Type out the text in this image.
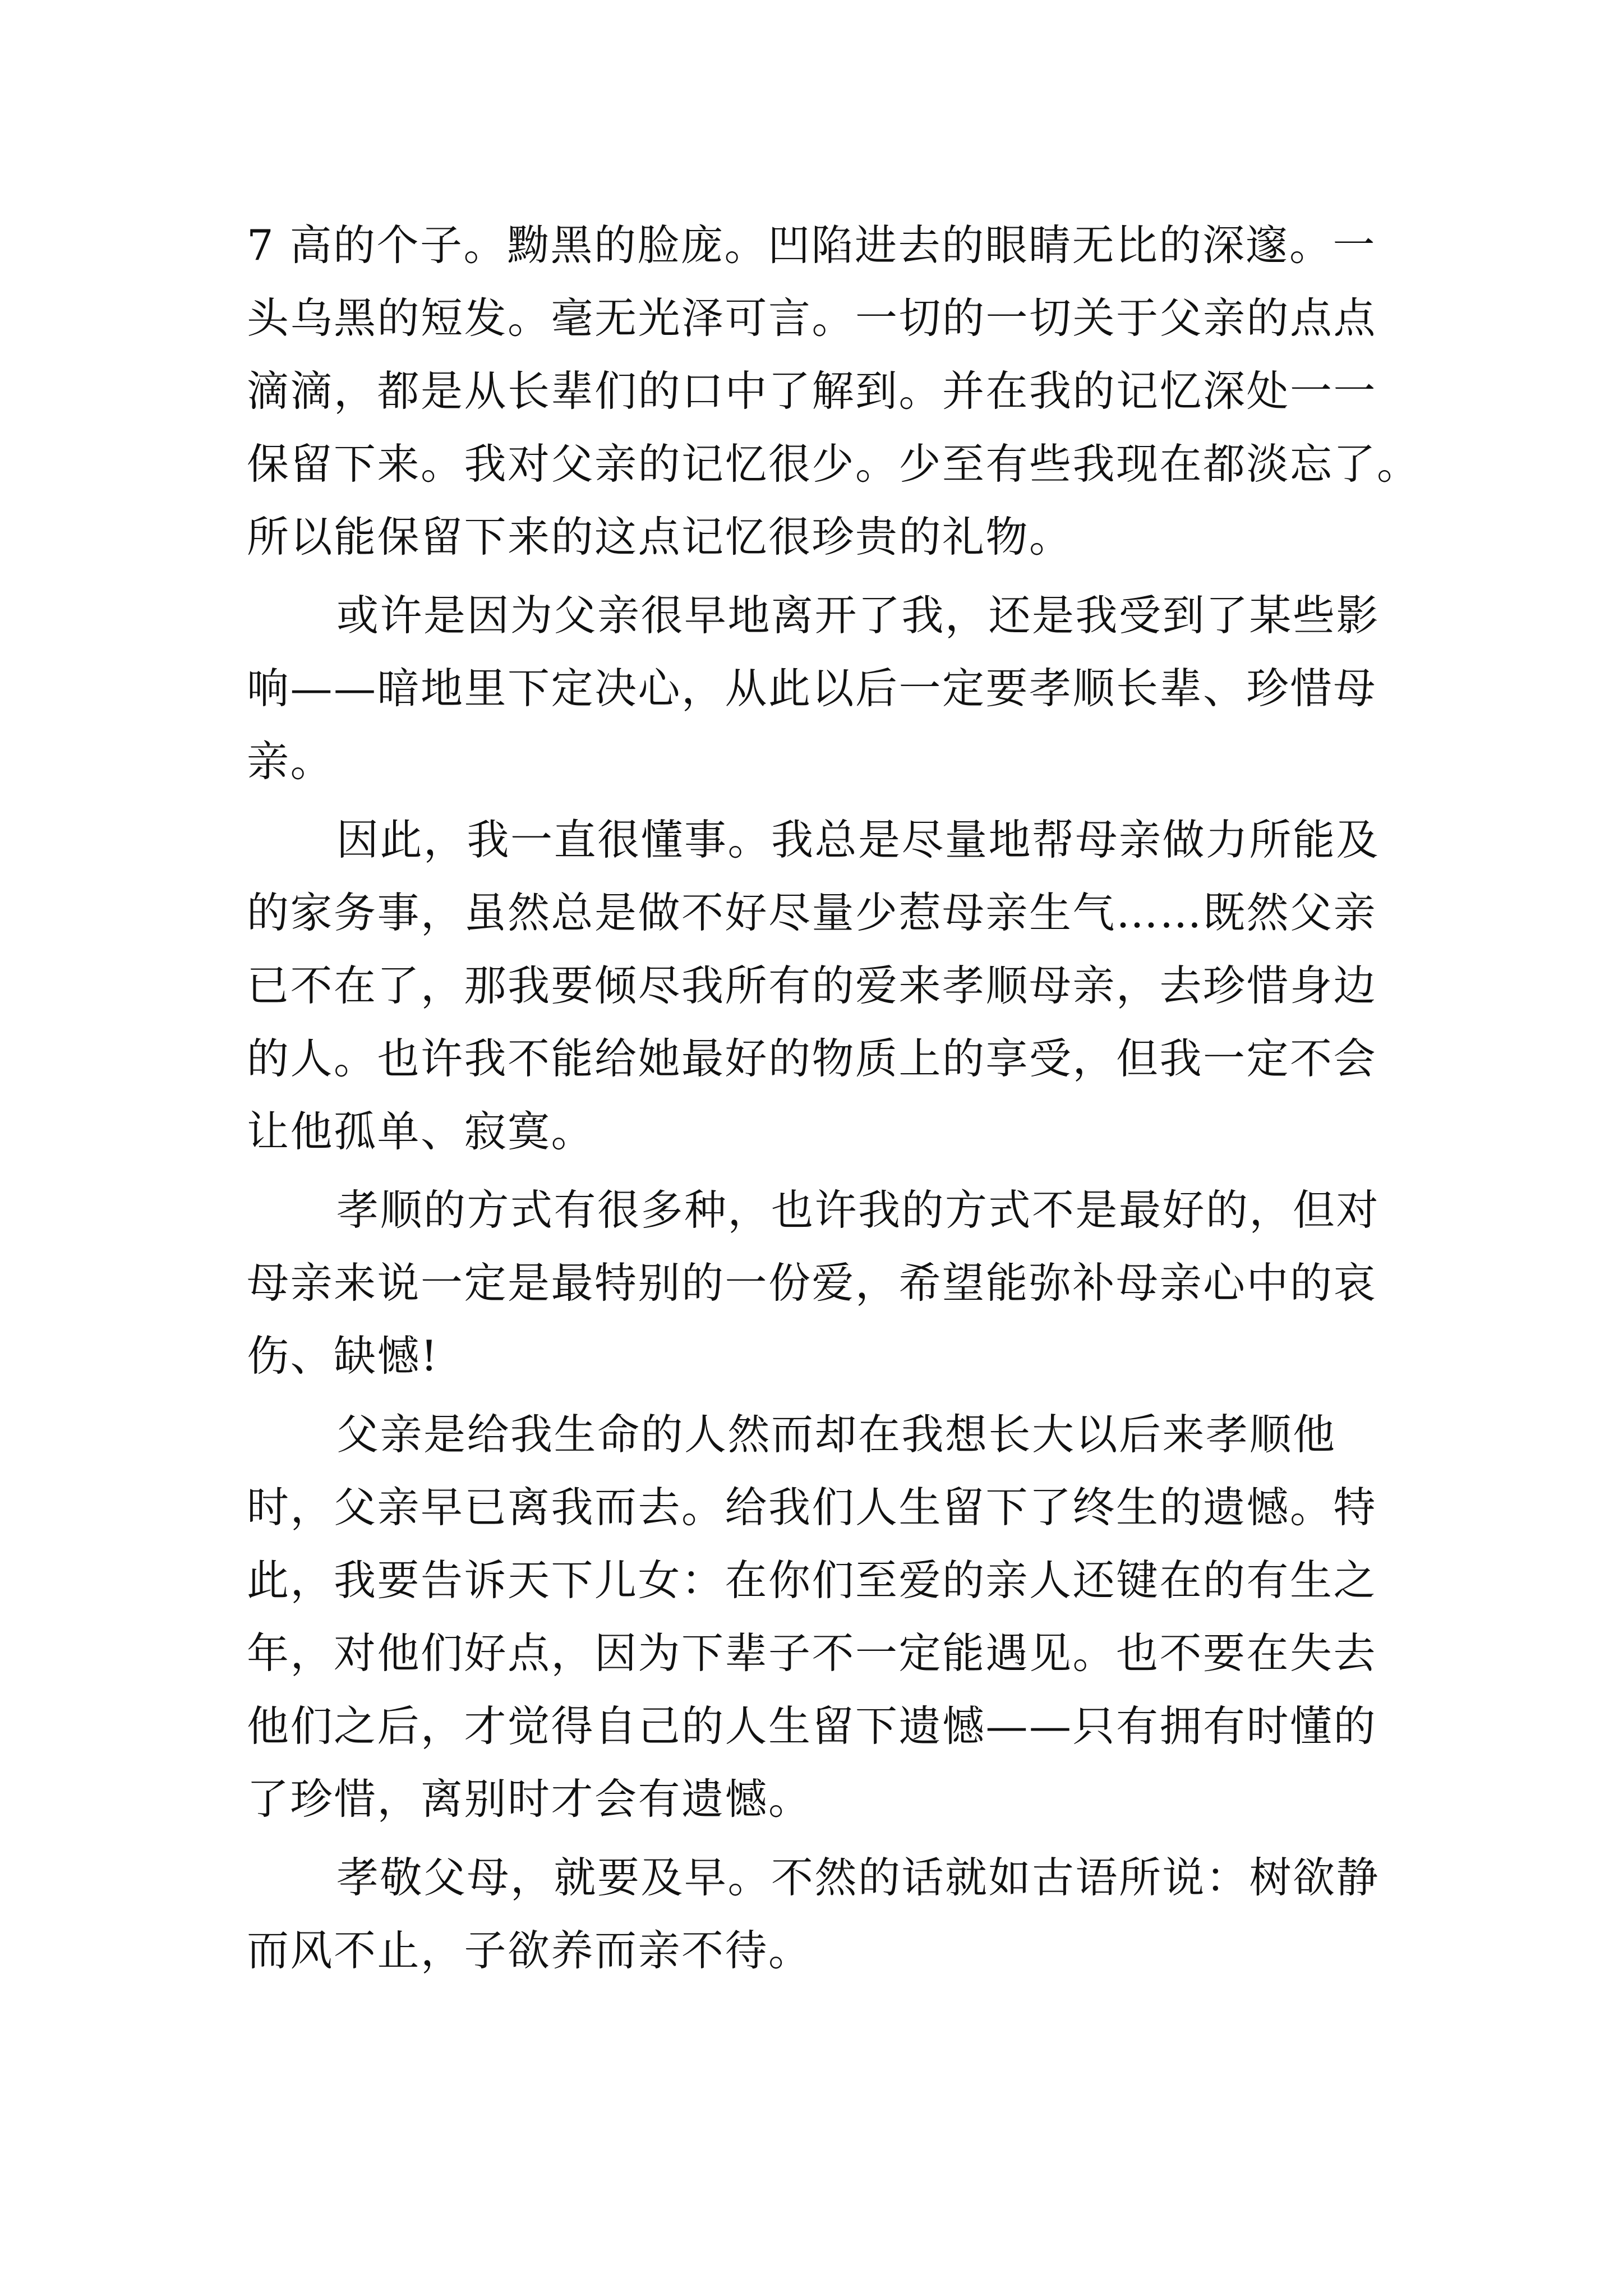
7 高的个子。黝黑的脸庞。凹陷进去的眼睛无比的深邃。一
头乌黑的短发。毫无光泽可言。一切的一切关于父亲的点点
滴滴，都是从长辈们的口中了解到。并在我的记忆深处一一
保留下来。我对父亲的记忆很少。少至有些我现在都淡忘了。
所以能保留下来的这点记忆很珍贵的礼物。
或许是因为父亲很早地离开了我，还是我受到了某些影
响——暗地里下定决心，从此以后一定要孝顺长辈、珍惜母
亲。
因此，我一直很懂事。我总是尽量地帮母亲做力所能及
的家务事，虽然总是做不好尽量少惹母亲生气……既然父亲
已不在了，那我要倾尽我所有的爱来孝顺母亲，去珍惜身边
的人。也许我不能给她最好的物质上的享受，但我一定不会
让他孤单、寂寞。
孝顺的方式有很多种，也许我的方式不是最好的，但对
母亲来说一定是最特别的一份爱，希望能弥补母亲心中的哀
伤、缺憾!
父亲是给我生命的人然而却在我想长大以后来孝顺他
时，父亲早已离我而去。给我们人生留下了终生的遗憾。特
此，我要告诉天下儿女：在你们至爱的亲人还键在的有生之
年，对他们好点，因为下辈子不一定能遇见。也不要在失去
他们之后，才觉得自己的人生留下遗憾——只有拥有时懂的
了珍惜，离别时才会有遗憾。
孝敬父母，就要及早。不然的话就如古语所说：树欲静
而风不止，子欲养而亲不待。
